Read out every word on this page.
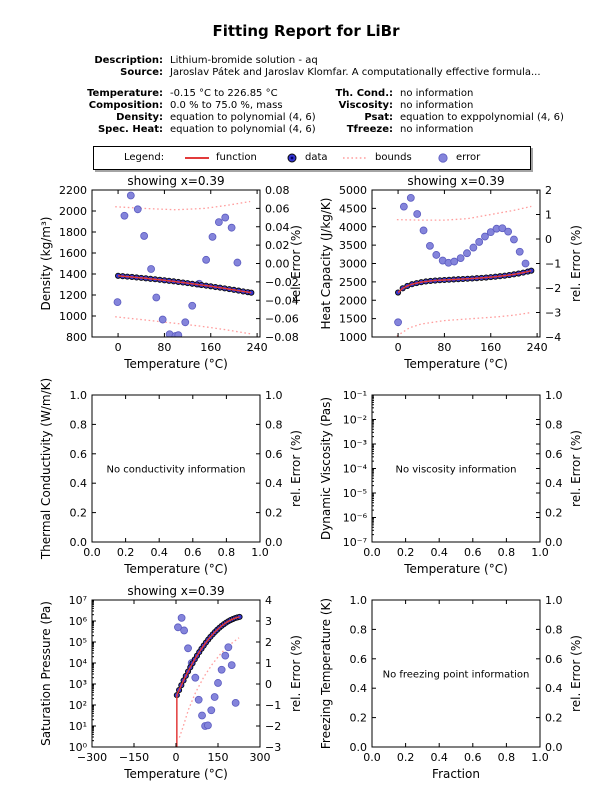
Fitting Report for LiBr
Description: Lithium-bromide solution - aq
Source: Jaroslav Pátek and Jaroslav Klomfar. A computationally effective formula...
Temperature: -0.15 °C to 226.85 °C	Th. Cond.: no information
Composition: 0.0 % to 75.0 %, mass	Viscosity: no information
Density: equation to polynomial (4, 6)	Psat: equation to exppolynomial (4, 6)
Spec. Heat: equation to polynomial (4, 6)	Tfreeze: no information
Legend:	function	data	bounds	error
0	80	160 240
800
1000
1200
1400
1600
1800
2000
2200
−0.08
−0.06
−0.04
−0.02
0.00
0.02
0.04
0.06
0.08
showing x=0.39
Temperature (°C)
Density (kg/m³)	rel. Error (%)
0	80	160 240
1000
1500
2000
2500
3000
3500
4000
4500
5000
−4
−3
−2
−1
0
1
2
showing x=0.39
Temperature (°C)
Heat Capacity (J/kg/K)	rel. Error (%)
0.0 0.2 0.4 0.6 0.8 1.0
0.0
0.2
0.4
0.6
0.8
1.0
0.0
0.2
0.4
0.6
0.8
1.0
Temperature (°C)
Thermal Conductivity (W/m/K)	rel. Error (%)
No conductivity information
0.0 0.2 0.4 0.6 0.8 1.0
10⁻⁷
10⁻⁶
10⁻⁵
10⁻⁴
10⁻³
10⁻²
10⁻¹
0.0
0.2
0.4
0.6
0.8
1.0
Temperature (°C)
Dynamic Viscosity (Pas)	rel. Error (%)
No viscosity information
−300 −150 0	150 300
10⁰
10¹
10²
10³
10⁴
10⁵
10⁶
10⁷
−3
−2
−1
0
1
2
3
4
showing x=0.39
Temperature (°C)
Saturation Pressure (Pa)	rel. Error (%)
0.0 0.2 0.4 0.6 0.8 1.0
0.0
0.2
0.4
0.6
0.8
1.0
0.0
0.2
0.4
0.6
0.8
1.0
Fraction
Freezing Temperature (K)	rel. Error (%)
No freezing point information
